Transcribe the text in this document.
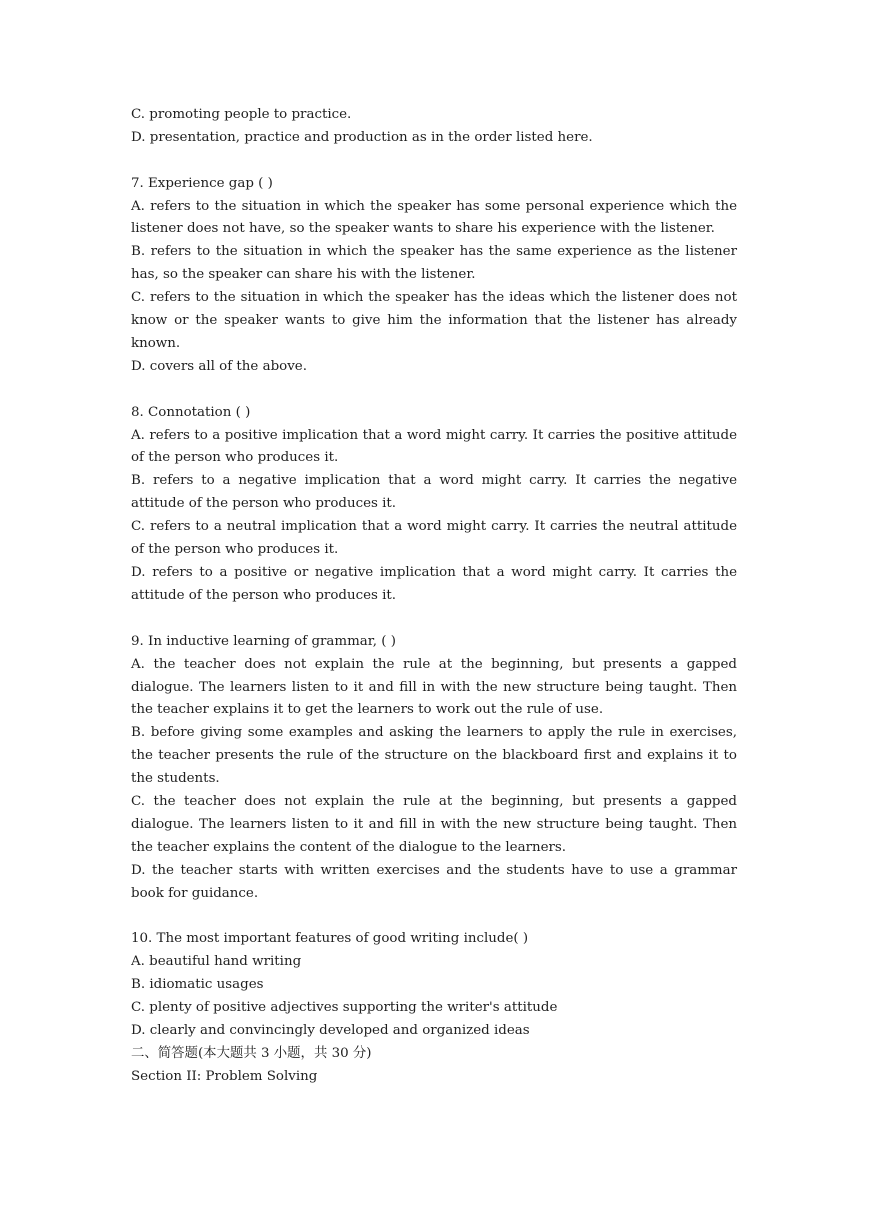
C. promoting people to practice.
D. presentation, practice and production as in the order listed here.
7. Experience gap ( )
A. refers to the situation in which the speaker has some personal experience which the listener does not have, so the speaker wants to share his experience with the listener.
B. refers to the situation in which the speaker has the same experience as the listener has, so the speaker can share his with the listener.
C. refers to the situation in which the speaker has the ideas which the listener does not know or the speaker wants to give him the information that the listener has already known.
D. covers all of the above.
8. Connotation ( )
A. refers to a positive implication that a word might carry. It carries the positive attitude of the person who produces it.
B. refers to a negative implication that a word might carry. It carries the negative attitude of the person who produces it.
C. refers to a neutral implication that a word might carry. It carries the neutral attitude of the person who produces it.
D. refers to a positive or negative implication that a word might carry. It carries the attitude of the person who produces it.
9. In inductive learning of grammar, ( )
A. the teacher does not explain the rule at the beginning, but presents a gapped dialogue. The learners listen to it and fill in with the new structure being taught. Then the teacher explains it to get the learners to work out the rule of use.
B. before giving some examples and asking the learners to apply the rule in exercises, the teacher presents the rule of the structure on the blackboard first and explains it to the students.
C. the teacher does not explain the rule at the beginning, but presents a gapped dialogue. The learners listen to it and fill in with the new structure being taught. Then the teacher explains the content of the dialogue to the learners.
D. the teacher starts with written exercises and the students have to use a grammar book for guidance.
10. The most important features of good writing include( )
A. beautiful hand writing
B. idiomatic usages
C. plenty of positive adjectives supporting the writer's attitude
D. clearly and convincingly developed and organized ideas
二、简答题(本大题共 3 小题，共 30 分)
Section II: Problem Solving
